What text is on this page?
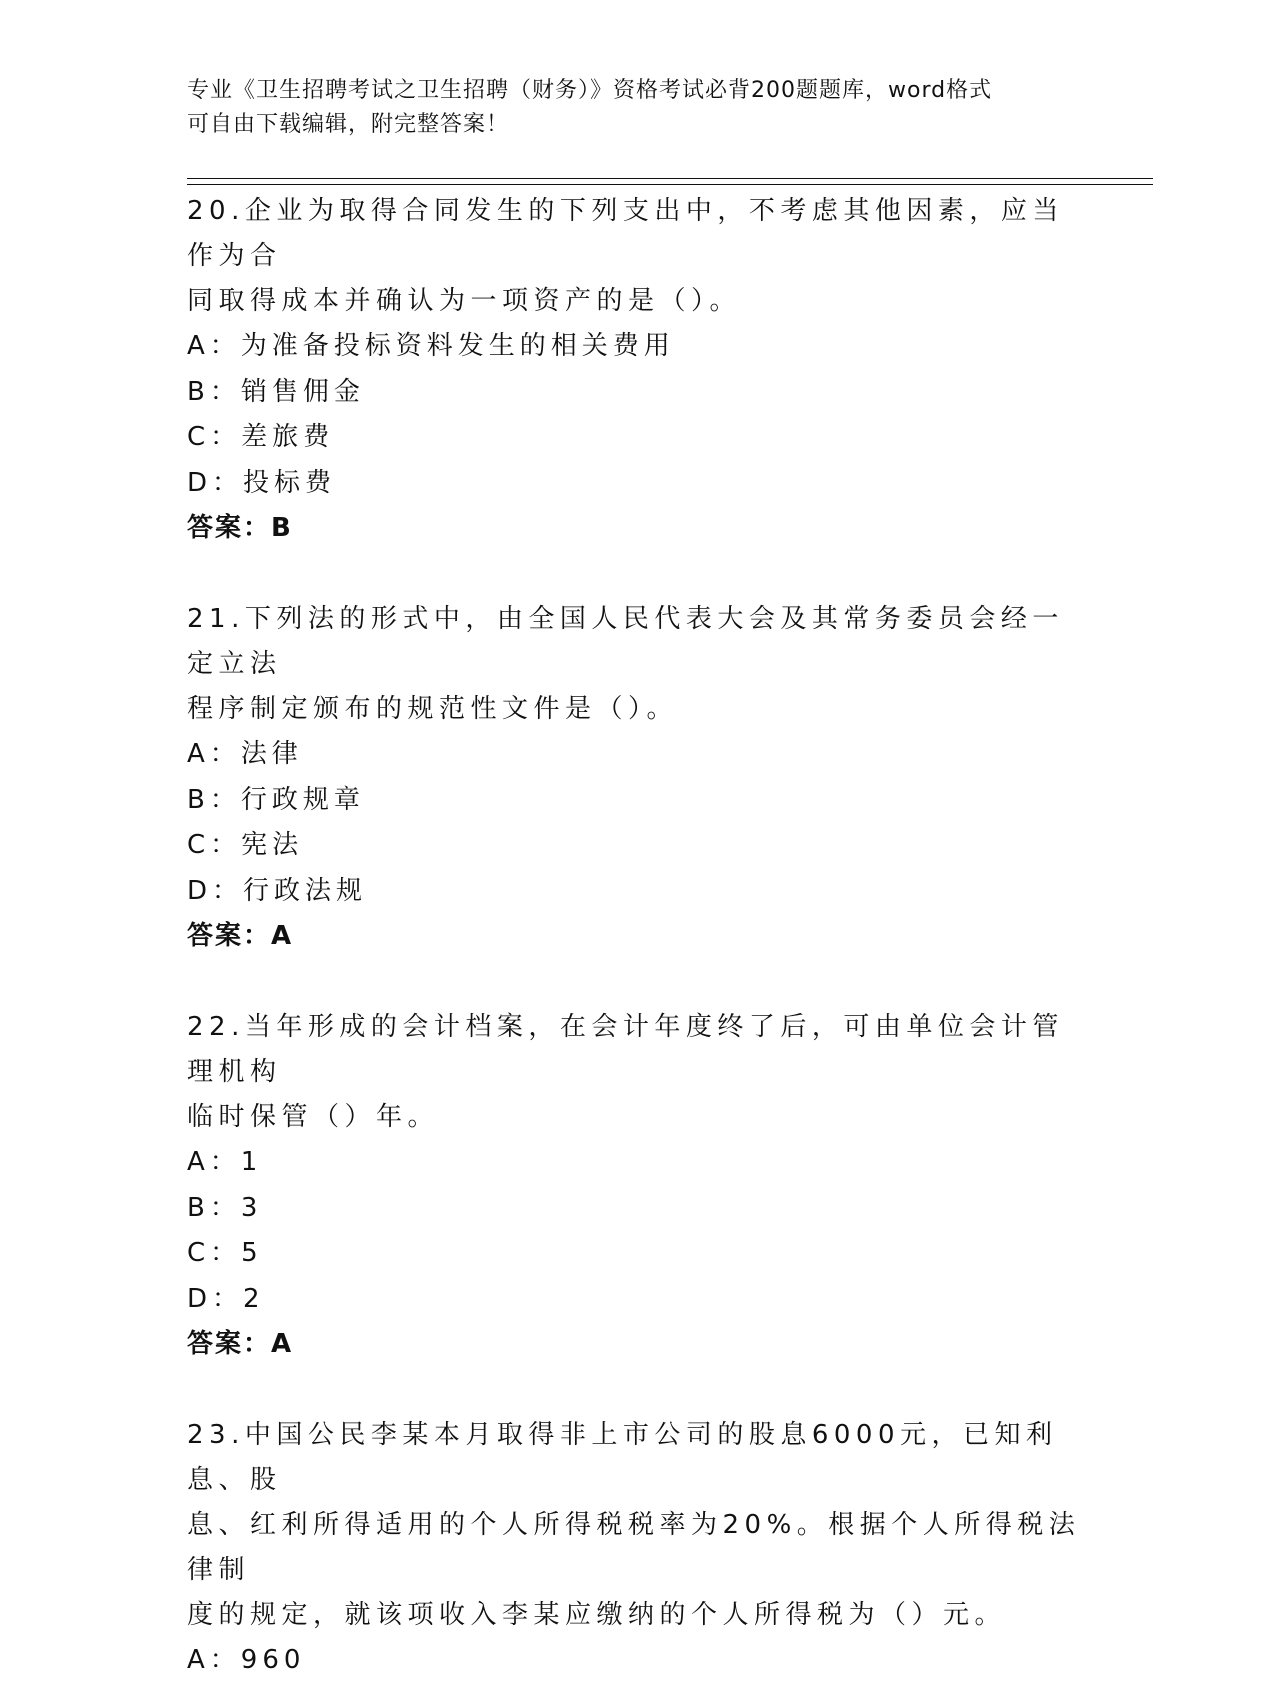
专业《卫生招聘考试之卫生招聘（财务）》资格考试必背200题题库，word格式
可自由下载编辑，附完整答案！

20.企业为取得合同发生的下列支出中，不考虑其他因素，应当作为合

同取得成本并确认为一项资产的是（）。

A：为准备投标资料发生的相关费用

B：销售佣金

C：差旅费

D：投标费

答案：B

21.下列法的形式中，由全国人民代表大会及其常务委员会经一定立法

程序制定颁布的规范性文件是（）。

A：法律

B：行政规章

C：宪法

D：行政法规

答案：A

22.当年形成的会计档案，在会计年度终了后，可由单位会计管理机构

临时保管（）年。

A：1

B：3

C：5

D：2

答案：A

23.中国公民李某本月取得非上市公司的股息6000元，已知利息、股

息、红利所得适用的个人所得税税率为20%。根据个人所得税法律制

度的规定，就该项收入李某应缴纳的个人所得税为（）元。

A：960
